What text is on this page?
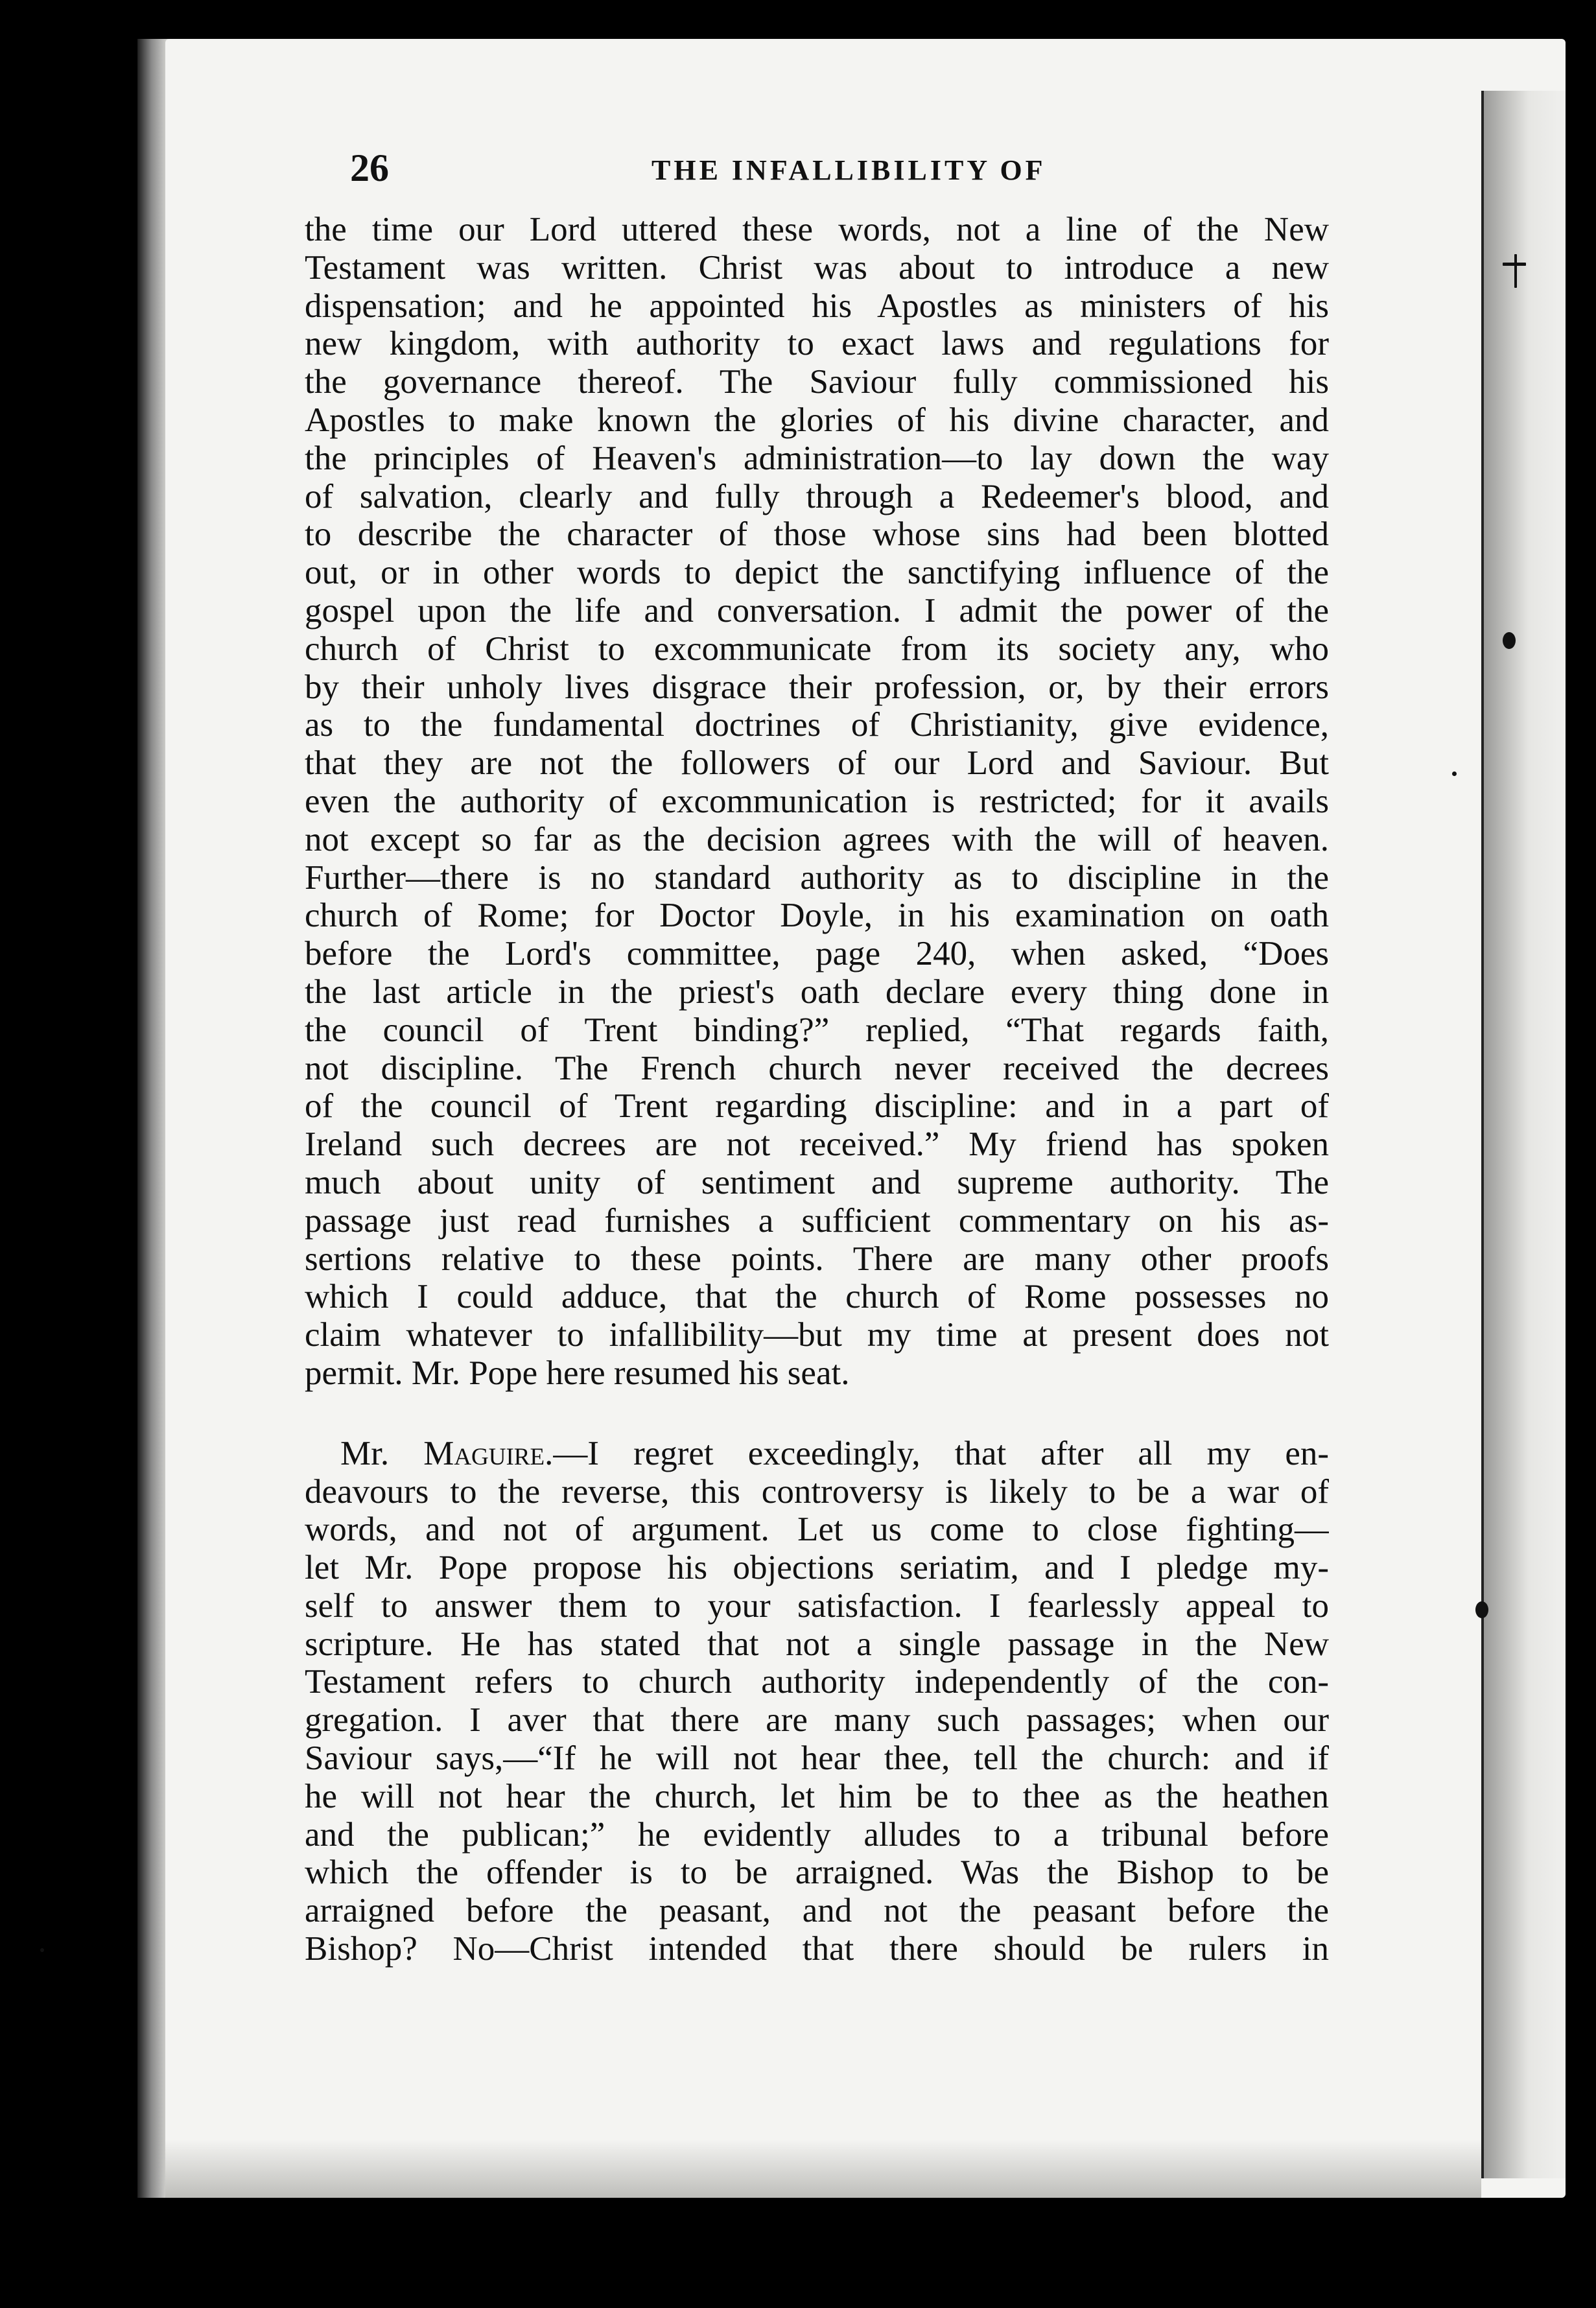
26	THE INFALLIBILITY OF
the time our Lord uttered these words, not a line of the New
Testament was written. Christ was about to introduce a new
dispensation; and he appointed his Apostles as ministers of his
new kingdom, with authority to exact laws and regulations for
the governance thereof. The Saviour fully commissioned his
Apostles to make known the glories of his divine character, and
the principles of Heaven's administration—to lay down the way
of salvation, clearly and fully through a Redeemer's blood, and
to describe the character of those whose sins had been blotted
out, or in other words to depict the sanctifying influence of the
gospel upon the life and conversation. I admit the power of the
church of Christ to excommunicate from its society any, who
by their unholy lives disgrace their profession, or, by their errors
as to the fundamental doctrines of Christianity, give evidence,
that they are not the followers of our Lord and Saviour. But
even the authority of excommunication is restricted; for it avails
not except so far as the decision agrees with the will of heaven.
Further—there is no standard authority as to discipline in the
church of Rome; for Doctor Doyle, in his examination on oath
before the Lord's committee, page 240, when asked, “Does
the last article in the priest's oath declare every thing done in
the council of Trent binding?” replied, “That regards faith,
not discipline. The French church never received the decrees
of the council of Trent regarding discipline: and in a part of
Ireland such decrees are not received.” My friend has spoken
much about unity of sentiment and supreme authority. The
passage just read furnishes a sufficient commentary on his as-
sertions relative to these points. There are many other proofs
which I could adduce, that the church of Rome possesses no
claim whatever to infallibility—but my time at present does not
permit. Mr. Pope here resumed his seat.
Mr. Maguire.—I regret exceedingly, that after all my en-
deavours to the reverse, this controversy is likely to be a war of
words, and not of argument. Let us come to close fighting—
let Mr. Pope propose his objections seriatim, and I pledge my-
self to answer them to your satisfaction. I fearlessly appeal to
scripture. He has stated that not a single passage in the New
Testament refers to church authority independently of the con-
gregation. I aver that there are many such passages; when our
Saviour says,—“If he will not hear thee, tell the church: and if
he will not hear the church, let him be to thee as the heathen
and the publican;” he evidently alludes to a tribunal before
which the offender is to be arraigned. Was the Bishop to be
arraigned before the peasant, and not the peasant before the
Bishop? No—Christ intended that there should be rulers in
